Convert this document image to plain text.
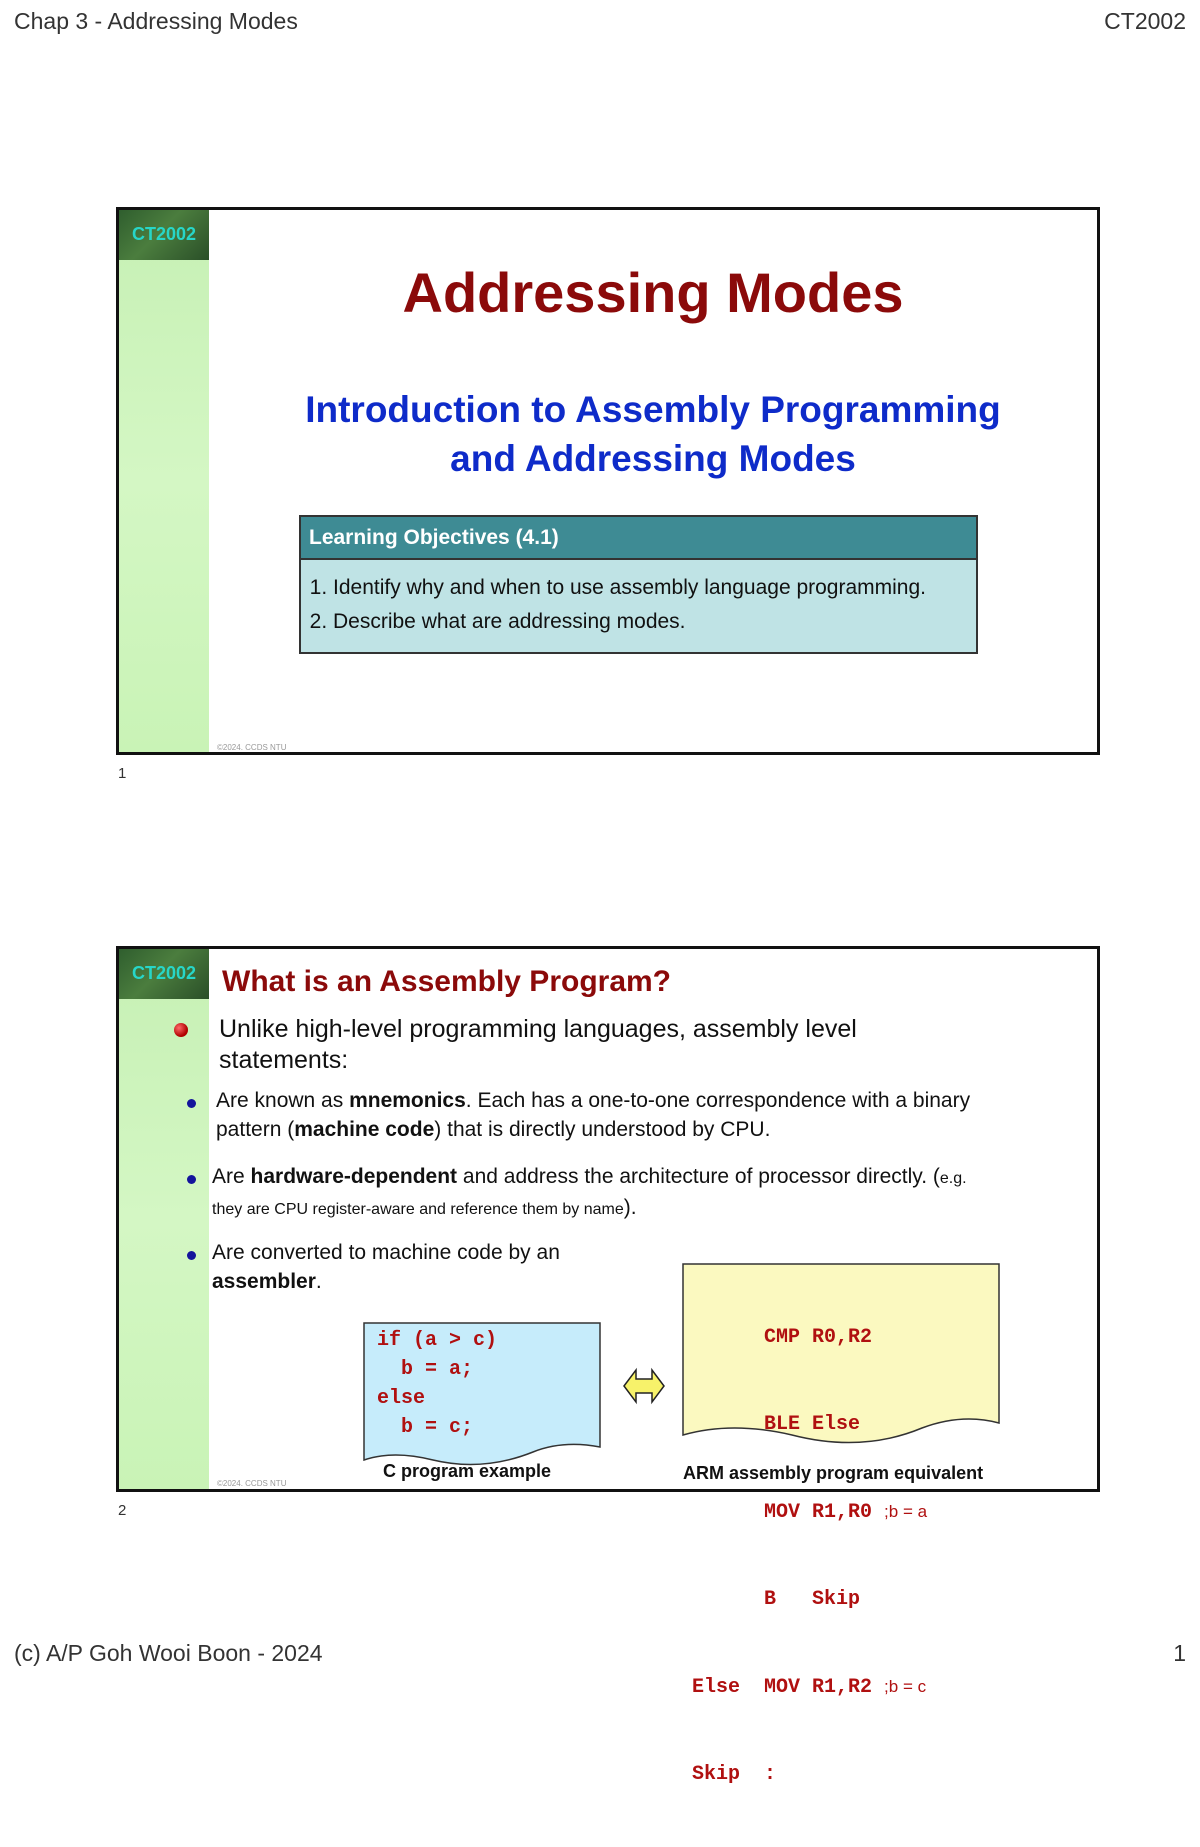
Chap 3 - Addressing Modes	CT2002
(c) A/P Goh Wooi Boon - 2024	1
CT2002
Addressing Modes
Introduction to Assembly Programming
and Addressing Modes
Learning Objectives (4.1)
1. Identify why and when to use assembly language programming.
2. Describe what are addressing modes.
©2024. CCDS NTU
1
CT2002 What is an Assembly Program?
Unlike high-level programming languages, assembly level statements:
Are known as mnemonics. Each has a one-to-one correspondence with a binary pattern (machine code) that is directly understood by CPU.
Are hardware-dependent and address the architecture of processor directly. (e.g. they are CPU register-aware and reference them by name).
Are converted to machine code by an assembler.
if (a > c)
b = a;
else
b = c;

CMP R0,R2

BLE Else

MOV R1,R0 ;b = a

B   Skip

Else MOV R1,R2 ;b = c

Skip :

C program example	ARM assembly program equivalent
©2024. CCDS NTU
2
